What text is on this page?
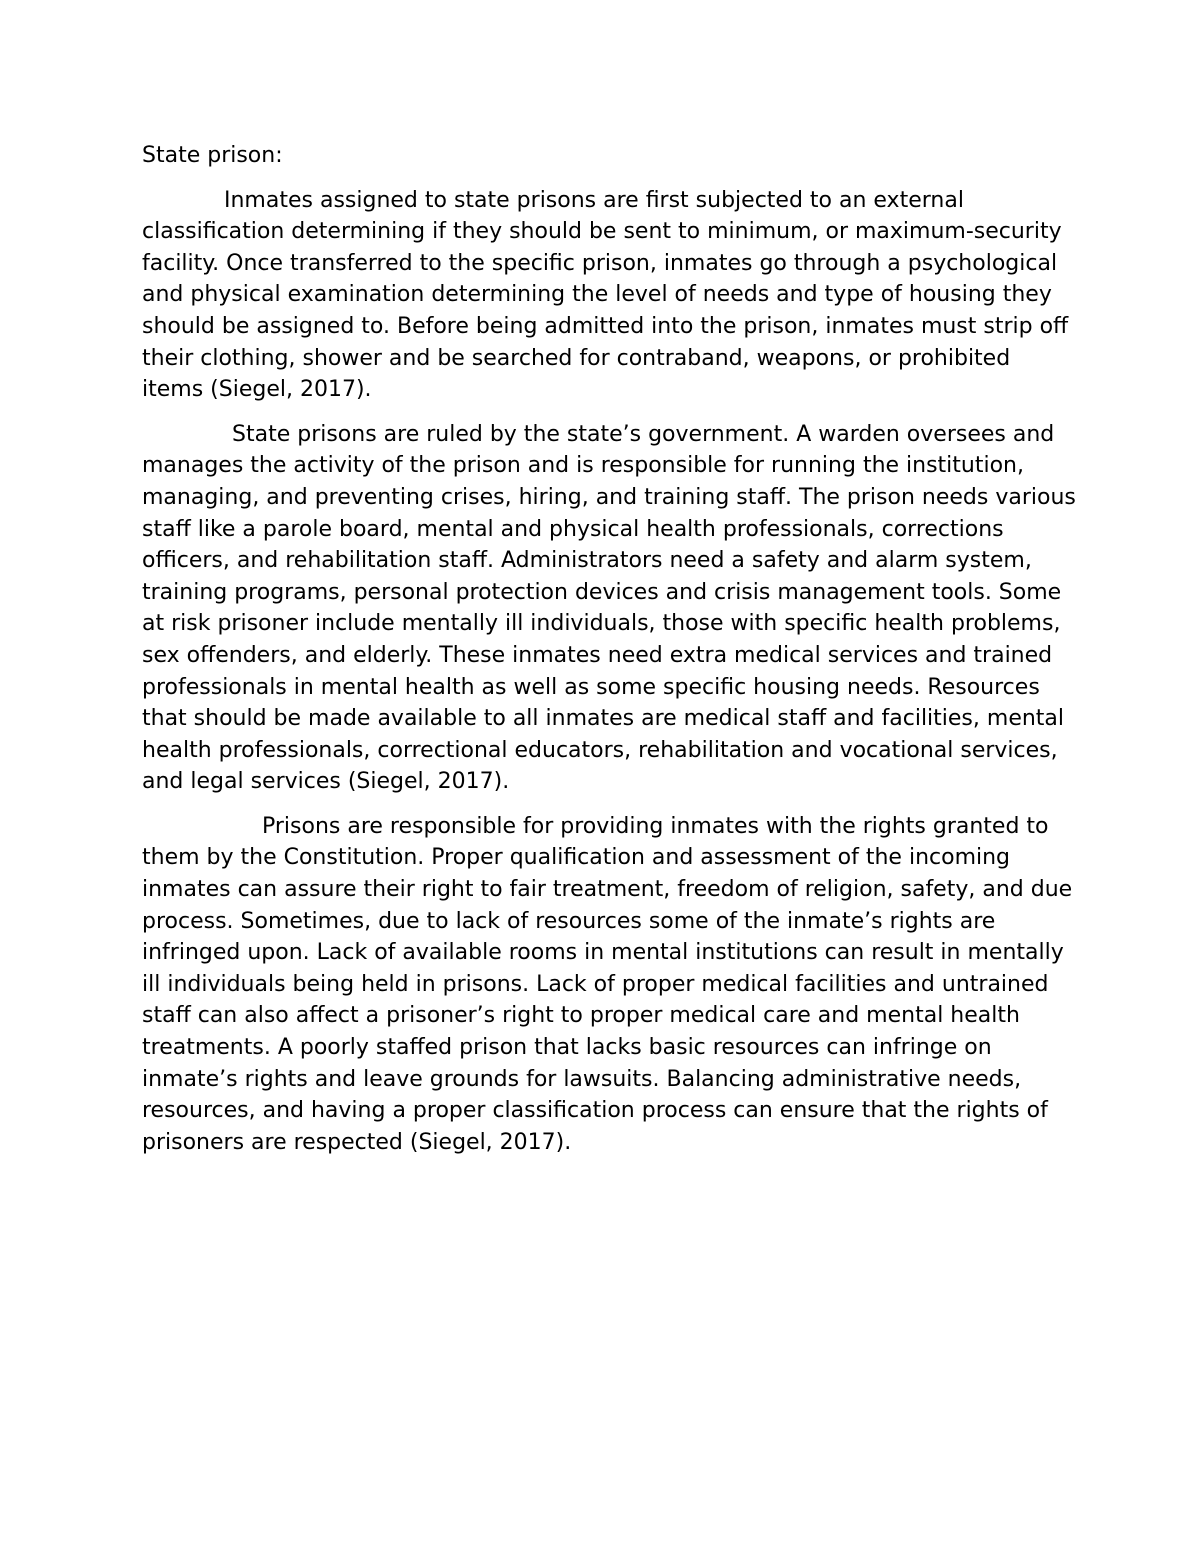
State prison:

Inmates assigned to state prisons are first subjected to an external classification determining if they should be sent to minimum, or maximum-security facility. Once transferred to the specific prison, inmates go through a psychological and physical examination determining the level of needs and type of housing they should be assigned to. Before being admitted into the prison, inmates must strip off their clothing, shower and be searched for contraband, weapons, or prohibited items (Siegel, 2017).

State prisons are ruled by the state’s government. A warden oversees and manages the activity of the prison and is responsible for running the institution, managing, and preventing crises, hiring, and training staff. The prison needs various staff like a parole board, mental and physical health professionals, corrections officers, and rehabilitation staff. Administrators need a safety and alarm system, training programs, personal protection devices and crisis management tools. Some at risk prisoner include mentally ill individuals, those with specific health problems, sex offenders, and elderly. These inmates need extra medical services and trained professionals in mental health as well as some specific housing needs. Resources that should be made available to all inmates are medical staff and facilities, mental health professionals, correctional educators, rehabilitation and vocational services, and legal services (Siegel, 2017).

Prisons are responsible for providing inmates with the rights granted to them by the Constitution. Proper qualification and assessment of the incoming inmates can assure their right to fair treatment, freedom of religion, safety, and due process. Sometimes, due to lack of resources some of the inmate’s rights are infringed upon. Lack of available rooms in mental institutions can result in mentally ill individuals being held in prisons. Lack of proper medical facilities and untrained staff can also affect a prisoner’s right to proper medical care and mental health treatments. A poorly staffed prison that lacks basic resources can infringe on inmate’s rights and leave grounds for lawsuits. Balancing administrative needs, resources, and having a proper classification process can ensure that the rights of prisoners are respected (Siegel, 2017).
